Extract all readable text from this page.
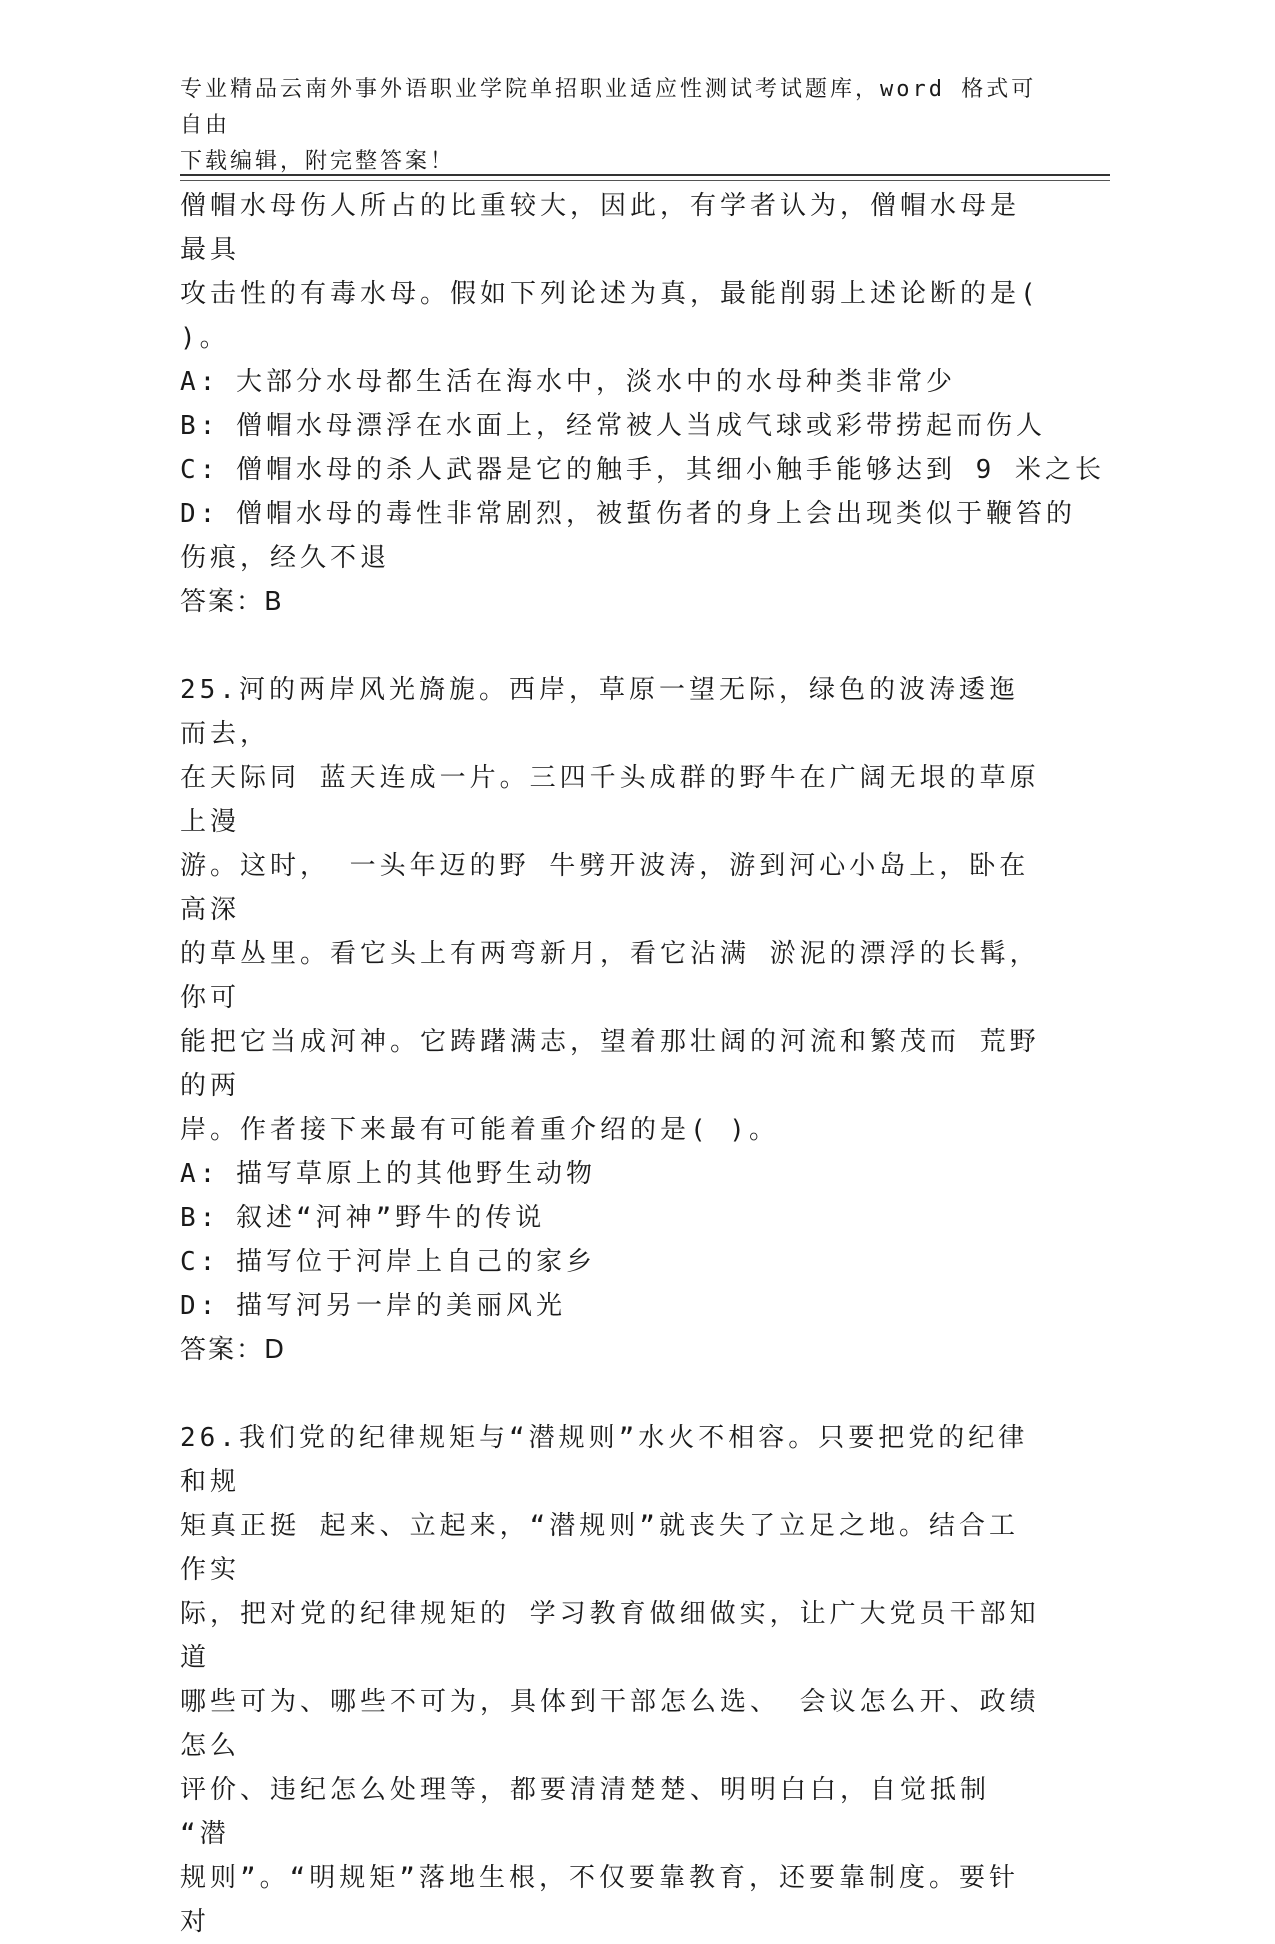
专业精品云南外事外语职业学院单招职业适应性测试考试题库，word 格式可自由
下载编辑，附完整答案！

僧帽水母伤人所占的比重较大，因此，有学者认为，僧帽水母是最具

攻击性的有毒水母。假如下列论述为真，最能削弱上述论断的是(

)。

A: 大部分水母都生活在海水中，淡水中的水母种类非常少

B: 僧帽水母漂浮在水面上，经常被人当成气球或彩带捞起而伤人

C: 僧帽水母的杀人武器是它的触手，其细小触手能够达到 9 米之长

D: 僧帽水母的毒性非常剧烈，被蜇伤者的身上会出现类似于鞭笞的

伤痕，经久不退

答案：B

25.河的两岸风光旖旎。西岸，草原一望无际，绿色的波涛逶迤而去，

在天际同 蓝天连成一片。三四千头成群的野牛在广阔无垠的草原上漫

游。这时， 一头年迈的野 牛劈开波涛，游到河心小岛上，卧在高深

的草丛里。看它头上有两弯新月，看它沾满 淤泥的漂浮的长髯，你可

能把它当成河神。它踌躇满志，望着那壮阔的河流和繁茂而 荒野的两

岸。作者接下来最有可能着重介绍的是( )。

A: 描写草原上的其他野生动物

B: 叙述“河神”野牛的传说

C: 描写位于河岸上自己的家乡

D: 描写河另一岸的美丽风光

答案：D

26.我们党的纪律规矩与“潜规则”水火不相容。只要把党的纪律和规

矩真正挺 起来、立起来，“潜规则”就丧失了立足之地。结合工作实

际，把对党的纪律规矩的 学习教育做细做实，让广大党员干部知道

哪些可为、哪些不可为，具体到干部怎么选、 会议怎么开、政绩怎么

评价、违纪怎么处理等，都要清清楚楚、明明白白，自觉抵制 “潜

规则”。“明规矩”落地生根，不仅要靠教育，还要靠制度。要针对
